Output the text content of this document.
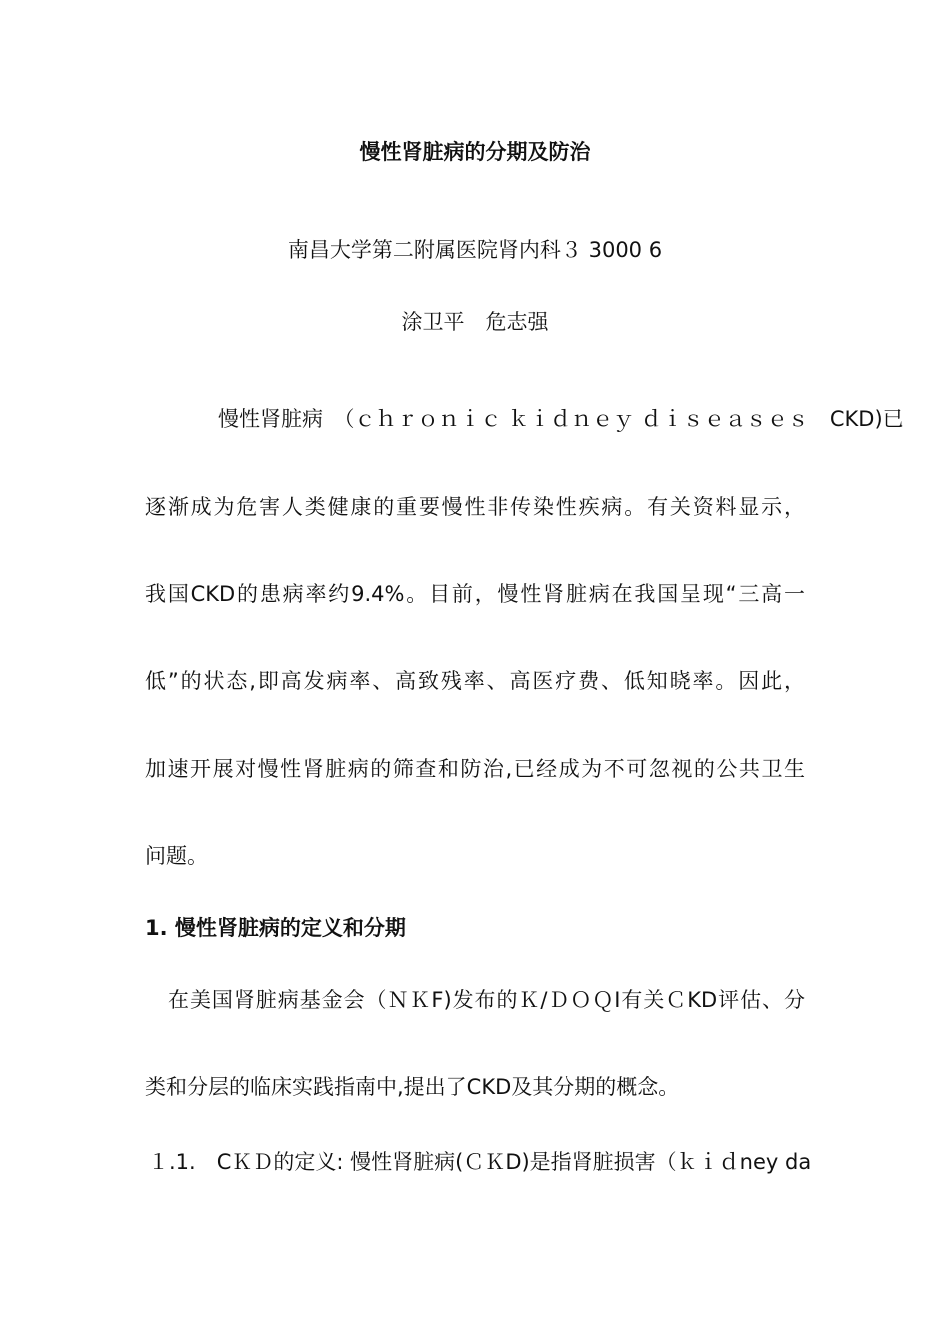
慢性肾脏病的分期及防治
南昌大学第二附属医院肾内科３ 3000 6
涂卫平　危志强
慢性肾脏病　（ｃｈｒｏｎｉｃ ｋｉｄｎｅｙ ｄｉｓｅａｓｅｓ　CKD)已
逐渐成为危害人类健康的重要慢性非传染性疾病。有关资料显示，
我国CKD的患病率约9.4%。目前，慢性肾脏病在我国呈现“三高一
低”的状态,即高发病率、高致残率、高医疗费、低知晓率。因此，
加速开展对慢性肾脏病的筛查和防治,已经成为不可忽视的公共卫生
问题。
1. 慢性肾脏病的定义和分期
在美国肾脏病基金会（ＮＫF)发布的Ｋ/ＤＯＱI有关ＣKD评估、分
类和分层的临床实践指南中,提出了CKD及其分期的概念。
１.1.　CＫＤ的定义: 慢性肾脏病(ＣＫD)是指肾脏损害（ｋｉｄney da
